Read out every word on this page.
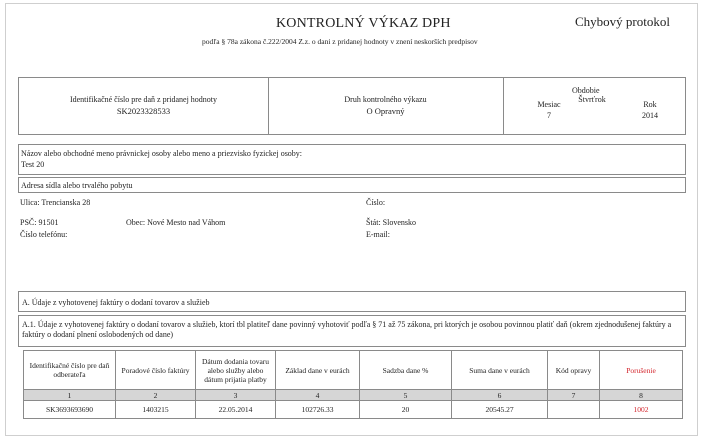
KONTROLNÝ VÝKAZ DPH
podľa § 78a zákona č.222/2004 Z.z. o dani z pridanej hodnoty v znení neskorších predpisov
Chybový protokol
Identifikačné číslo pre daň z pridanej hodnoty
SK2023328533
Druh kontrolného výkazu
O Opravný
Obdobie
Mesiac
7
Štvrťrok
Rok
2014
Názov alebo obchodné meno právnickej osoby alebo meno a priezvisko fyzickej osoby:
Test 20
Adresa sídla alebo trvalého pobytu
Ulica: Trencianska 28	Číslo:
PSČ: 91501	Obec: Nové Mesto nad Váhom	Štát: Slovensko
Číslo telefónu:	E-mail:
A. Údaje z vyhotovenej faktúry o dodaní tovarov a služieb
A.1. Údaje z vyhotovenej faktúry o dodaní tovarov a služieb, ktorí tbl platiteľ dane povinný vyhotoviť podľa § 71 až 75 zákona, pri ktorých je osobou povinnou platiť daň (okrem zjednodušenej faktúry a faktúry o dodaní plnení oslobodených od dane)
Identifikačné číslo pre daň odberateľa	Poradové číslo faktúry	Dátum dodania tovaru alebo služby alebo dátum prijatia platby	Základ dane v eurách	Sadzba dane %	Suma dane v eurách	Kód opravy	Porušenie
1	2	3	4	5	6	7	8
SK3693693690	1403215	22.05.2014	102726.33	20	20545.27		1002
